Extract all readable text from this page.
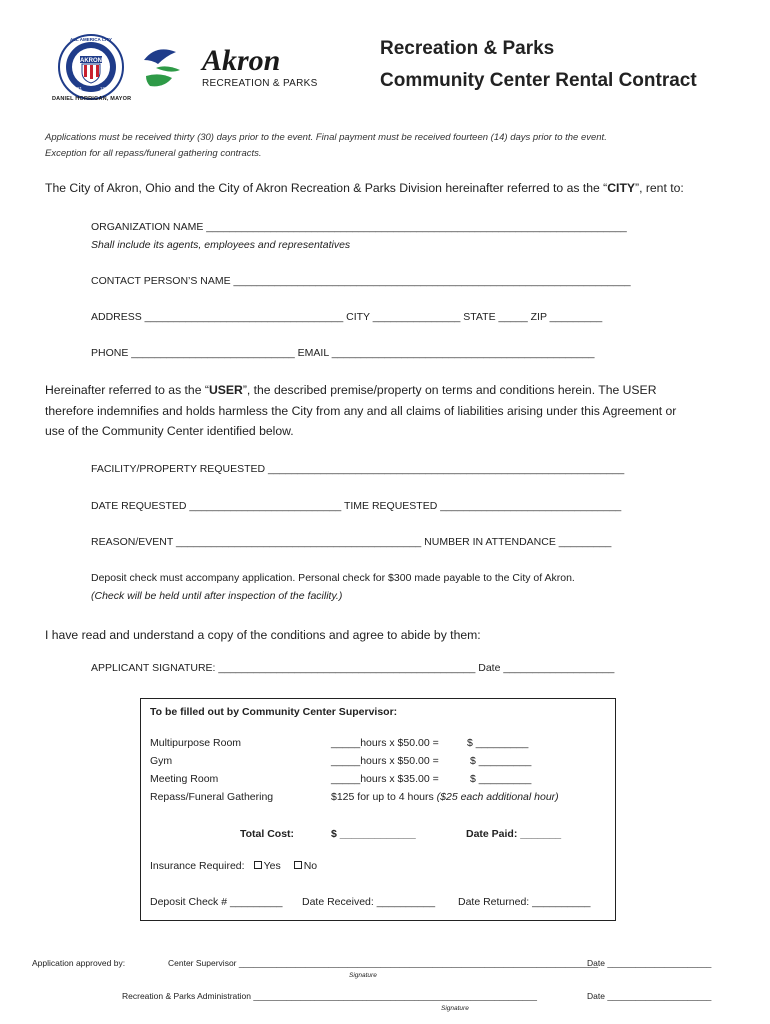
AKRON
ALL AMERICA CITY
1981	1995
DANIEL HORRIGAN, MAYOR
Akron
RECREATION & PARKS
Recreation & Parks
Community Center Rental Contract
Applications must be received thirty (30) days prior to the event. Final payment must be received fourteen (14) days prior to the event.
Exception for all repass/funeral gathering contracts.
The City of Akron, Ohio and the City of Akron Recreation & Parks Division hereinafter referred to as the “CITY”, rent to:
ORGANIZATION NAME ________________________________________________________________________
Shall include its agents, employees and representatives
CONTACT PERSON’S NAME ____________________________________________________________________
ADDRESS __________________________________ CITY _______________ STATE _____ ZIP _________
PHONE ____________________________ EMAIL _____________________________________________
Hereinafter referred to as the “USER”, the described premise/property on terms and conditions herein. The USER
therefore indemnifies and holds harmless the City from any and all claims of liabilities arising under this Agreement or
use of the Community Center identified below.
FACILITY/PROPERTY REQUESTED _____________________________________________________________
DATE REQUESTED __________________________ TIME REQUESTED _______________________________
REASON/EVENT __________________________________________ NUMBER IN ATTENDANCE _________
Deposit check must accompany application. Personal check for $300 made payable to the City of Akron.
(Check will be held until after inspection of the facility.)
I have read and understand a copy of the conditions and agree to abide by them:
APPLICANT SIGNATURE: ____________________________________________ Date ___________________
To be filled out by Community Center Supervisor:
Multipurpose Room	_____hours x $50.00 =	$ _________
Gym	_____hours x $50.00 =	$ _________
Meeting Room	_____hours x $35.00 =	$ _________
Repass/Funeral Gathering	$125 for up to 4 hours ($25 each additional hour)
Total Cost:	$ _____________	Date Paid: _______
Insurance Required: Yes No
Deposit Check # _________ Date Received: __________ Date Returned: __________
Application approved by:	Center Supervisor ____________________________________________________________________________
Date ______________________
Signature
Recreation & Parks Administration ____________________________________________________________	Date ______________________
Signature
